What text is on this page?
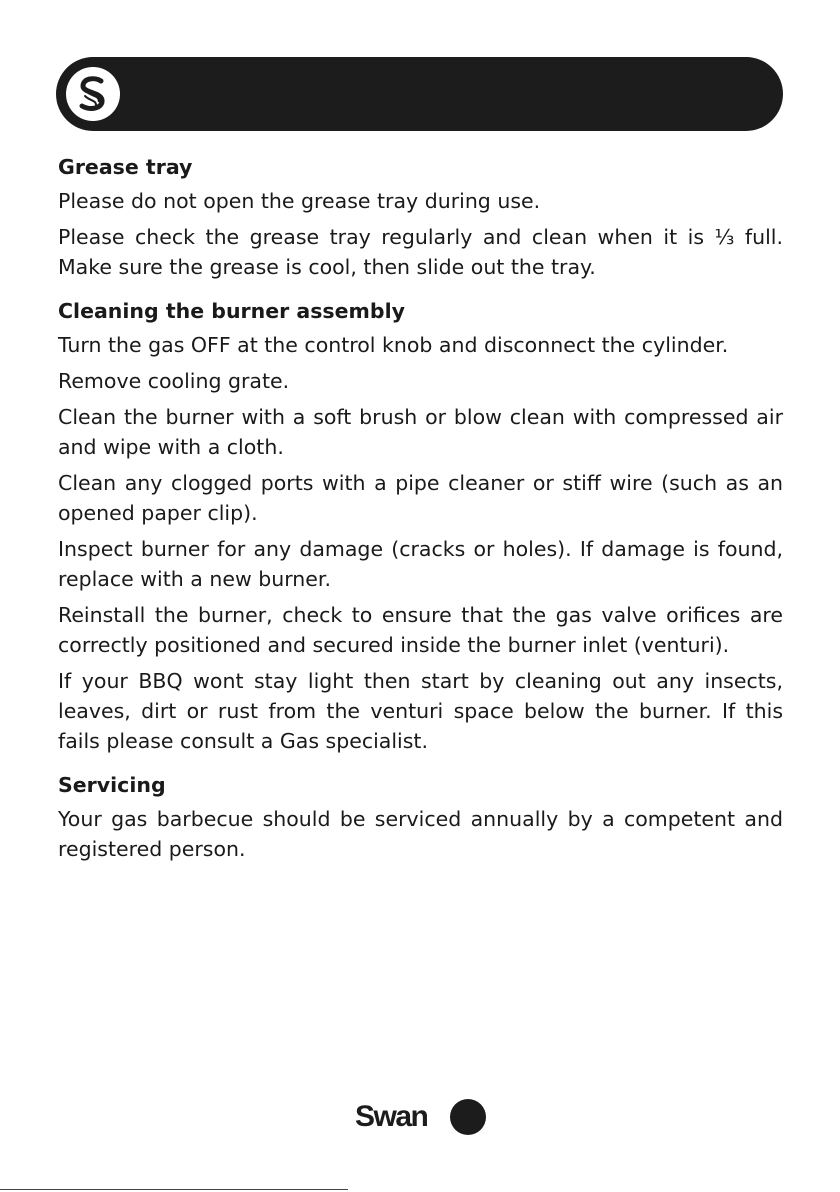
Grease tray

Please do not open the grease tray during use.

Please check the grease tray regularly and clean when it is ⅓ full. Make sure the grease is cool, then slide out the tray.

Cleaning the burner assembly

Turn the gas OFF at the control knob and disconnect the cylinder.

Remove cooling grate.

Clean the burner with a soft brush or blow clean with compressed air and wipe with a cloth.

Clean any clogged ports with a pipe cleaner or stiff wire (such as an opened paper clip).

Inspect burner for any damage (cracks or holes). If damage is found, replace with a new burner.

Reinstall the burner, check to ensure that the gas valve orifices are correctly positioned and secured inside the burner inlet (venturi).

If your BBQ wont stay light then start by cleaning out any insects, leaves, dirt or rust from the venturi space below the burner. If this fails please consult a Gas specialist.

Servicing

Your gas barbecue should be serviced annually by a competent and registered person.

Swan
